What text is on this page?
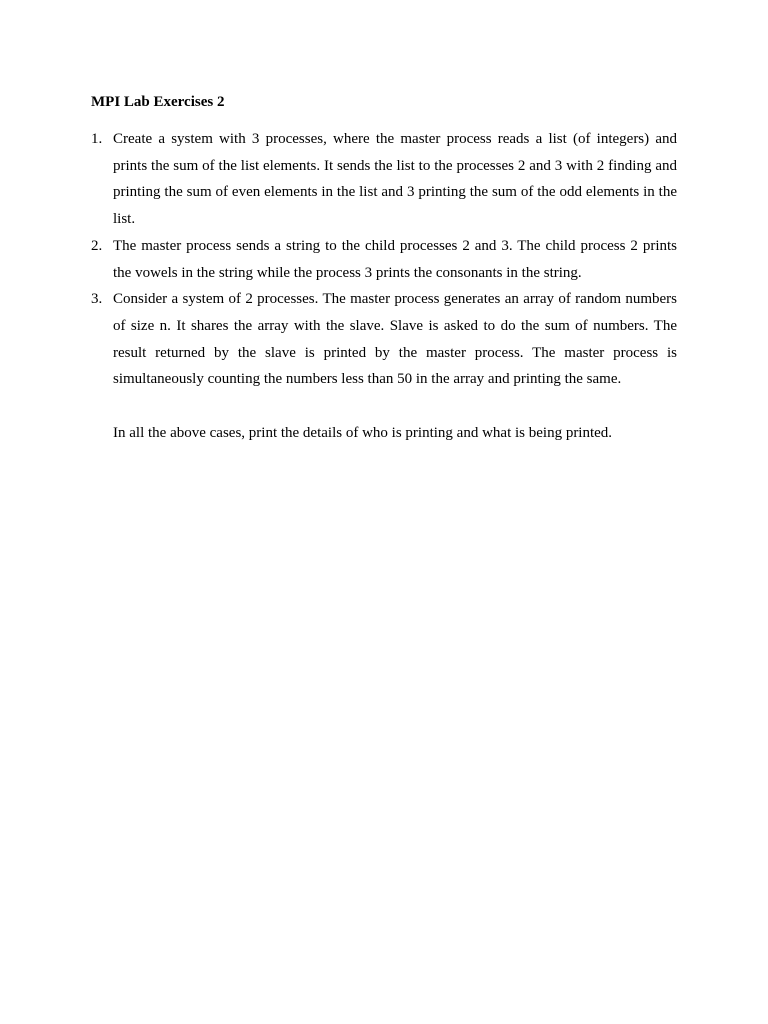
MPI Lab Exercises 2
1. Create a system with 3 processes, where the master process reads a list (of integers) and prints the sum of the list elements. It sends the list to the processes 2 and 3 with 2 finding and printing the sum of even elements in the list and 3 printing the sum of the odd elements in the list.
2. The master process sends a string to the child processes 2 and 3. The child process 2 prints the vowels in the string while the process 3 prints the consonants in the string.
3. Consider a system of 2 processes. The master process generates an array of random numbers of size n. It shares the array with the slave. Slave is asked to do the sum of numbers. The result returned by the slave is printed by the master process. The master process is simultaneously counting the numbers less than 50 in the array and printing the same.

In all the above cases, print the details of who is printing and what is being printed.
